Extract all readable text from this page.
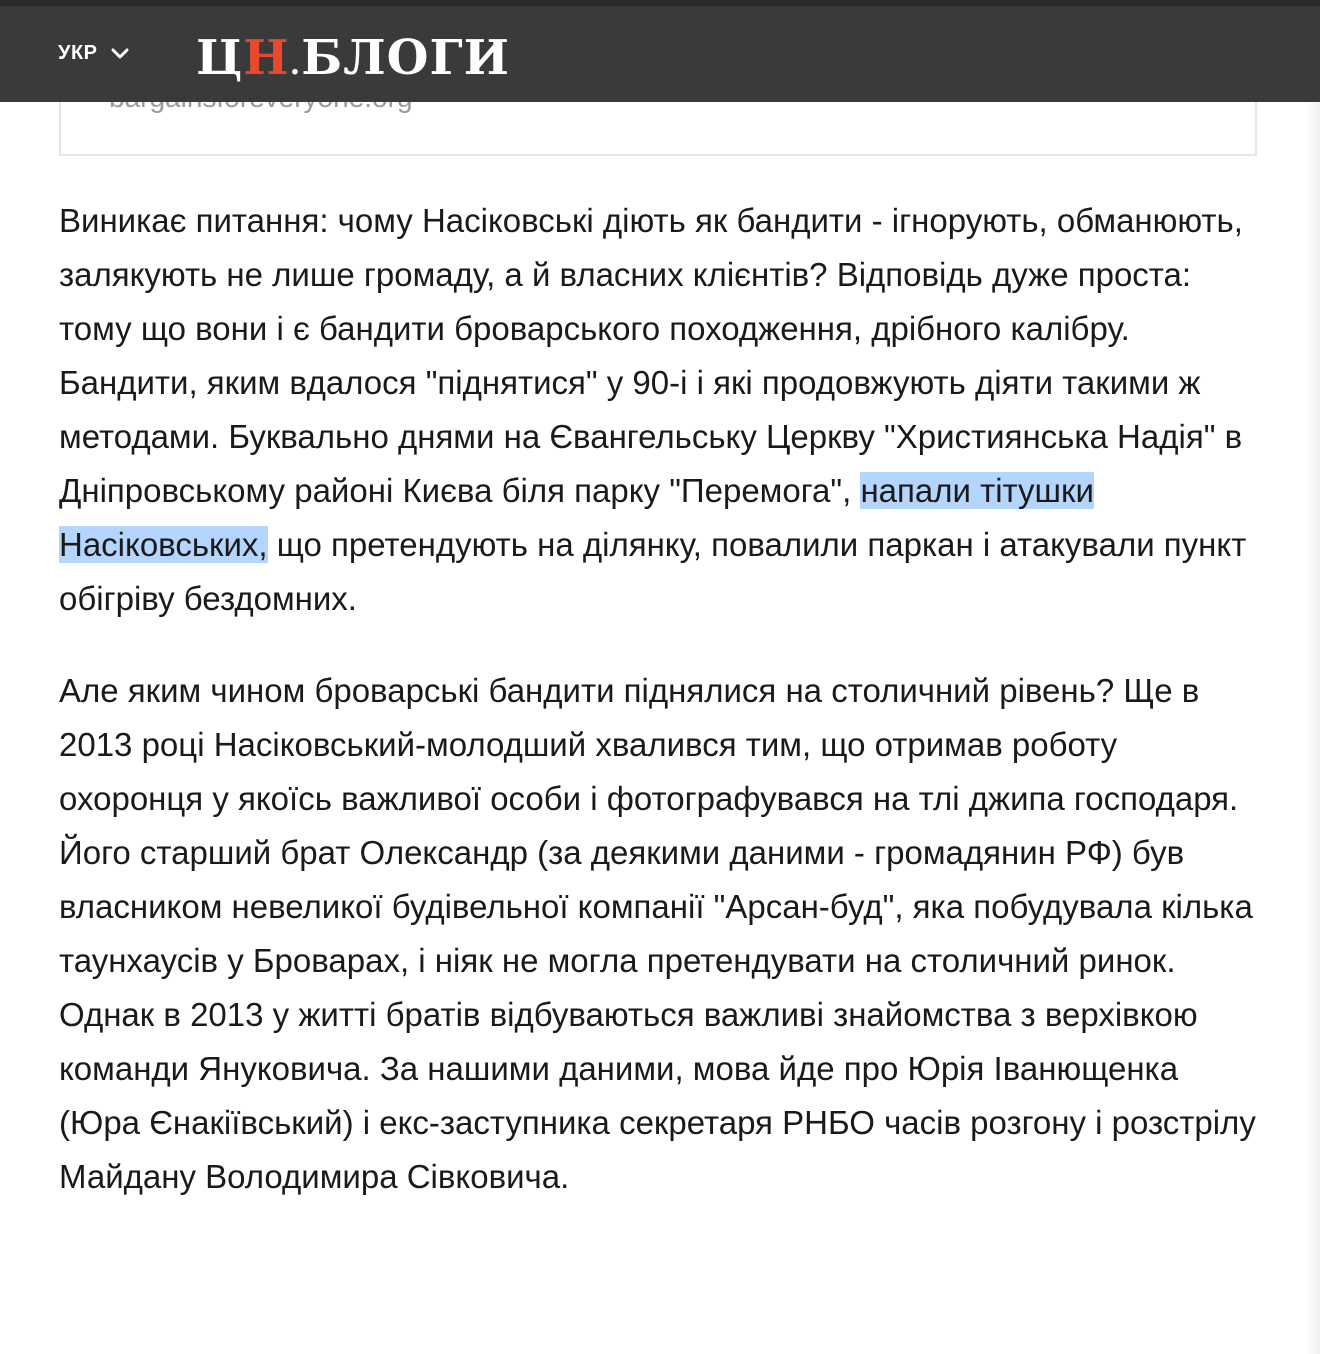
УКР ЦН.БЛОГИ

Виникає питання: чому Насіковські діють як бандити - ігнорують, обманюють, залякують не лише громаду, а й власних клієнтів? Відповідь дуже проста: тому що вони і є бандити броварського походження, дрібного калібру. Бандити, яким вдалося "піднятися" у 90-і і які продовжують діяти такими ж методами. Буквально днями на Євангельську Церкву "Християнська Надія" в Дніпровському районі Києва біля парку "Перемога", напали тітушки Насіковських, що претендують на ділянку, повалили паркан і атакували пункт обігріву бездомних.

Але яким чином броварські бандити піднялися на столичний рівень? Ще в 2013 році Насіковський-молодший хвалився тим, що отримав роботу охоронця у якоїсь важливої особи і фотографувався на тлі джипа господаря. Його старший брат Олександр (за деякими даними - громадянин РФ) був власником невеликої будівельної компанії "Арсан-буд", яка побудувала кілька таунхаусів у Броварах, і ніяк не могла претендувати на столичний ринок. Однак в 2013 у житті братів відбуваються важливі знайомства з верхівкою команди Януковича. За нашими даними, мова йде про Юрія Іванющенка (Юра Єнакіївський) і екс-заступника секретаря РНБО часів розгону і розстрілу Майдану Володимира Сівковича.
